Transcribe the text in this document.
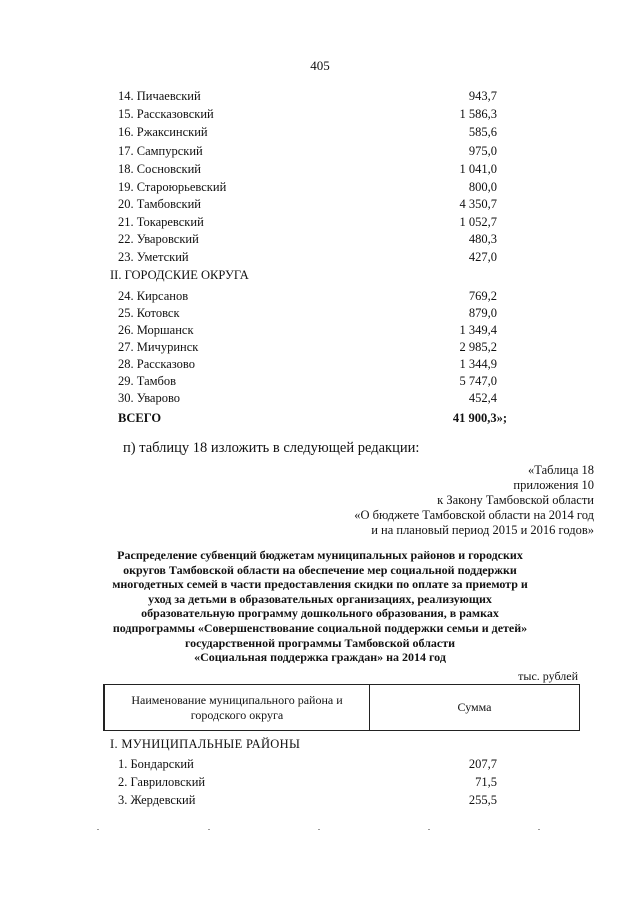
405
14. Пичаевский	943,7
15. Рассказовский	1 586,3
16. Ржаксинский	585,6
17. Сампурский	975,0
18. Сосновский	1 041,0
19. Староюрьевский	800,0
20. Тамбовский	4 350,7
21. Токаревский	1 052,7
22. Уваровский	480,3
23. Уметский	427,0
II. ГОРОДСКИЕ ОКРУГА
24. Кирсанов	769,2
25. Котовск	879,0
26. Моршанск	1 349,4
27. Мичуринск	2 985,2
28. Рассказово	1 344,9
29. Тамбов	5 747,0
30. Уварово	452,4
ВСЕГО	41 900,3»;
п) таблицу 18 изложить в следующей редакции:
«Таблица 18
приложения 10
к Закону Тамбовской области
«О бюджете Тамбовской области на 2014 год
и на плановый период 2015 и 2016 годов»
Распределение субвенций бюджетам муниципальных районов и городских
округов Тамбовской области на обеспечение мер социальной поддержки
многодетных семей в части предоставления скидки по оплате за приемотр и
уход за детьми в образовательных организациях, реализующих
образовательную программу дошкольного образования, в рамках
подпрограммы «Совершенствование социальной поддержки семьи и детей»
государственной программы Тамбовской области
«Социальная поддержка граждан» на 2014 год
тыс. рублей
Наименование муниципального района и
городского округа
Сумма
I. МУНИЦИПАЛЬНЫЕ РАЙОНЫ
1. Бондарский	207,7
2. Гавриловский	71,5
3. Жердевский	255,5
